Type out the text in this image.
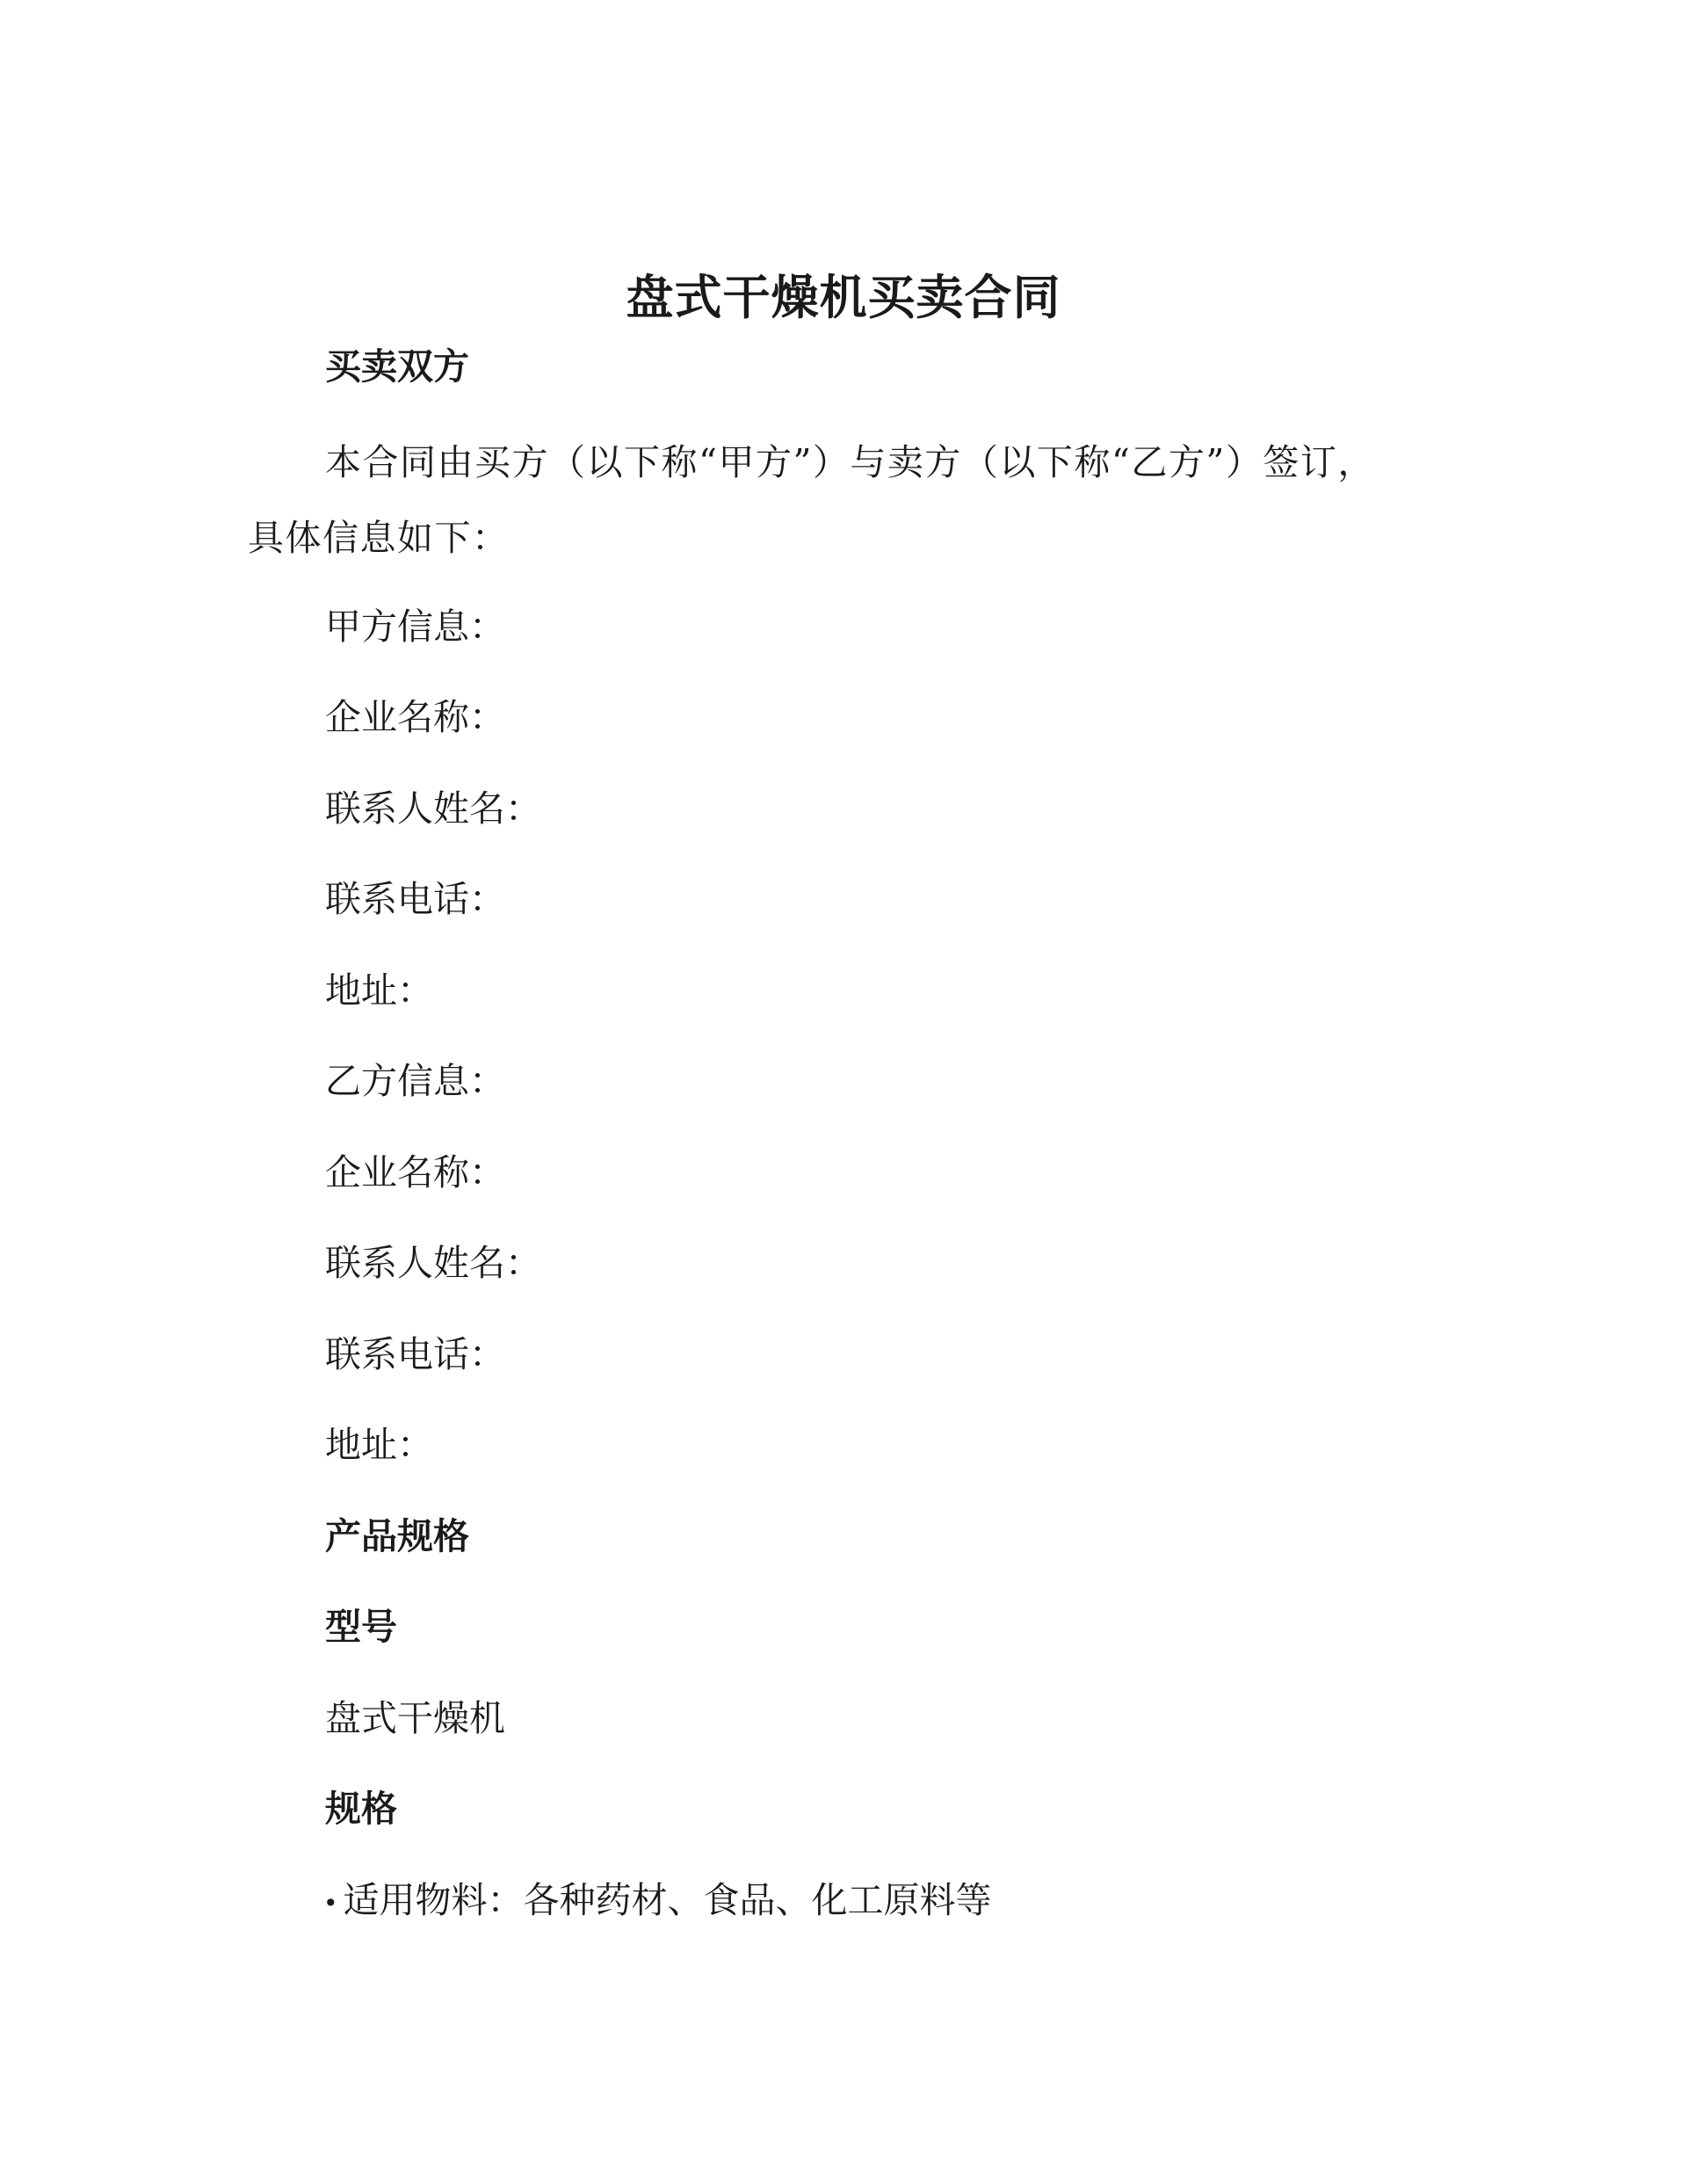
盘式干燥机买卖合同
买卖双方
本合同由买方（以下称“甲方”）与卖方（以下称“乙方”）签订，具体信息如下：
甲方信息：
企业名称：
联系人姓名：
联系电话：
地址：
乙方信息：
企业名称：
联系人姓名：
联系电话：
地址：
产品规格
型号
盘式干燥机
规格
• 适用物料：各种药材、食品、化工原料等
